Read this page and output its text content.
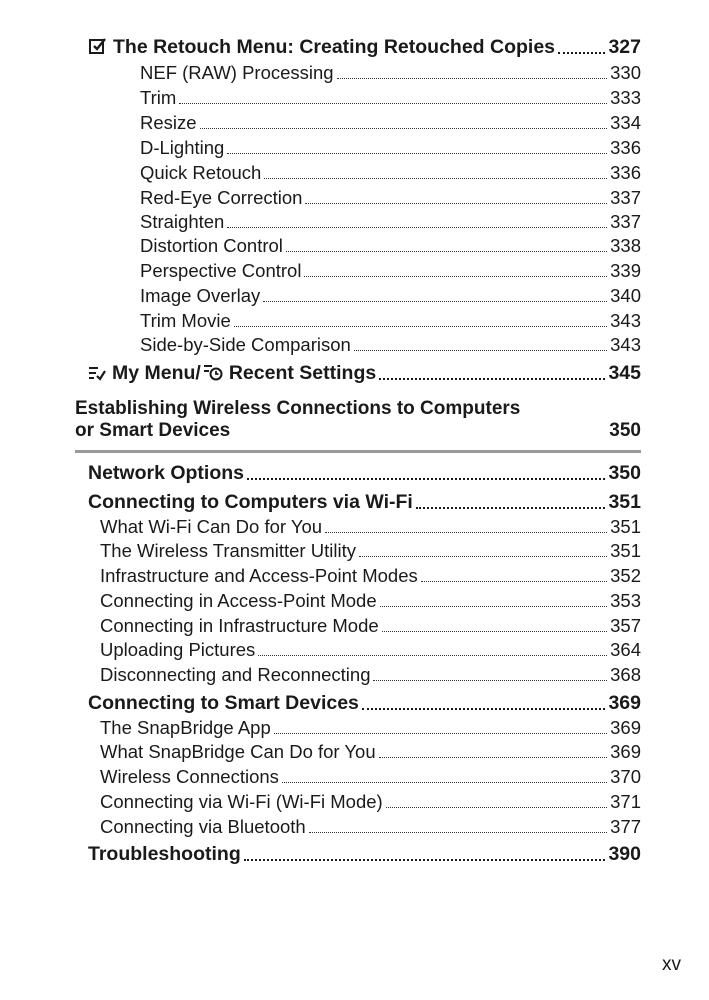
The Retouch Menu: Creating Retouched Copies	327
NEF (RAW) Processing	330
Trim	333
Resize	334
D-Lighting	336
Quick Retouch	336
Red-Eye Correction	337
Straighten	337
Distortion Control	338
Perspective Control	339
Image Overlay	340
Trim Movie	343
Side-by-Side Comparison	343
My Menu/ Recent Settings	345
Establishing Wireless Connections to Computers
or Smart Devices	350
Network Options	350
Connecting to Computers via Wi-Fi	351
What Wi-Fi Can Do for You	351
The Wireless Transmitter Utility	351
Infrastructure and Access-Point Modes	352
Connecting in Access-Point Mode	353
Connecting in Infrastructure Mode	357
Uploading Pictures	364
Disconnecting and Reconnecting	368
Connecting to Smart Devices	369
The SnapBridge App	369
What SnapBridge Can Do for You	369
Wireless Connections	370
Connecting via Wi-Fi (Wi-Fi Mode)	371
Connecting via Bluetooth	377
Troubleshooting	390
xv
